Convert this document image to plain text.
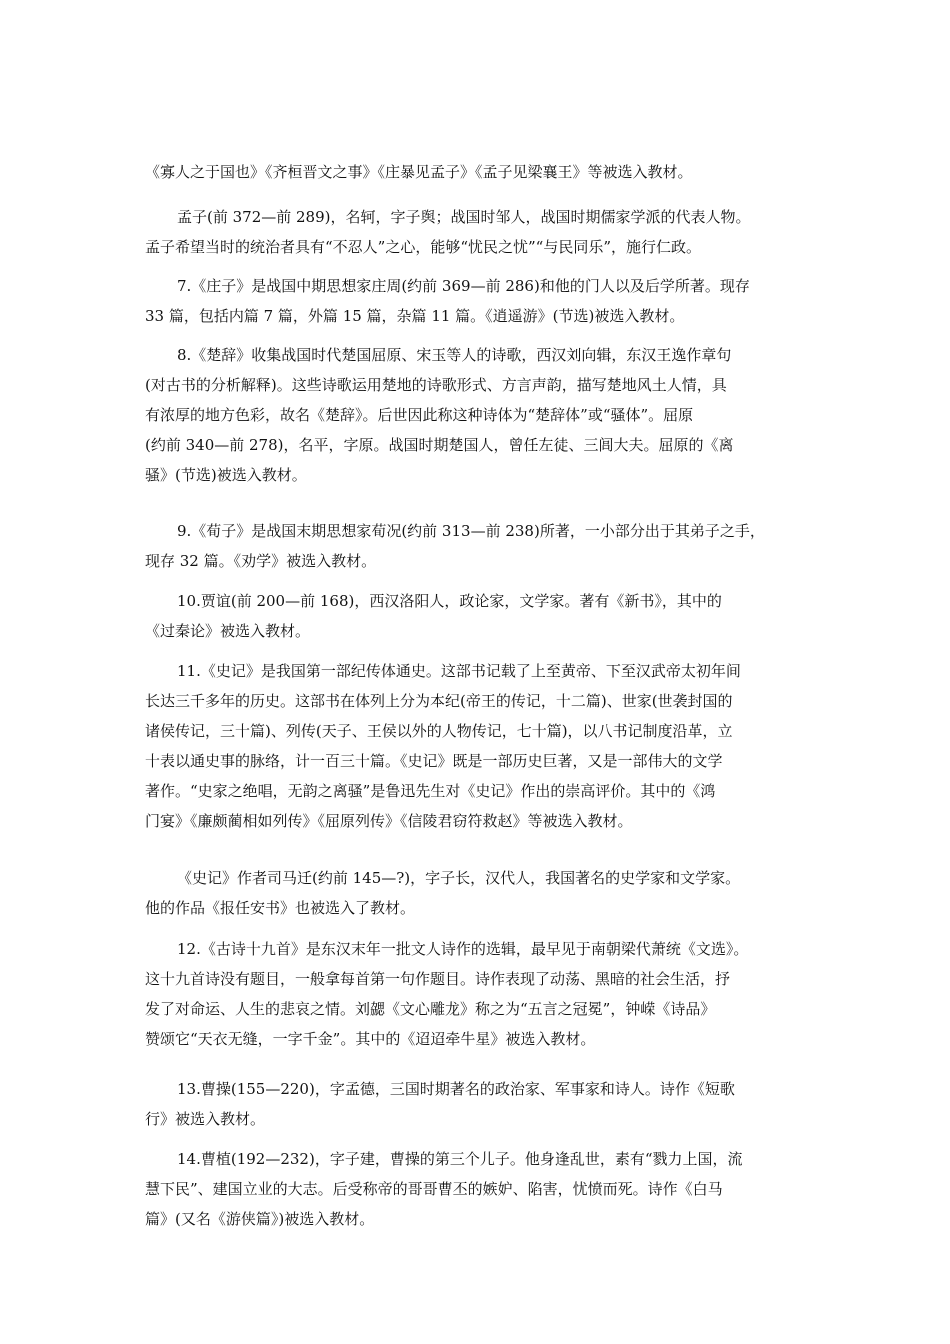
《寡人之于国也》《齐桓晋文之事》《庄暴见孟子》《孟子见梁襄王》等被选入教材。
孟子(前 372—前 289)，名轲，字子舆；战国时邹人，战国时期儒家学派的代表人物。
孟子希望当时的统治者具有“不忍人”之心，能够“忧民之忧”“与民同乐”，施行仁政。
7.《庄子》是战国中期思想家庄周(约前 369—前 286)和他的门人以及后学所著。现存
33 篇，包括内篇 7 篇，外篇 15 篇，杂篇 11 篇。《逍遥游》(节选)被选入教材。
8.《楚辞》收集战国时代楚国屈原、宋玉等人的诗歌，西汉刘向辑，东汉王逸作章句
(对古书的分析解释)。这些诗歌运用楚地的诗歌形式、方言声韵，描写楚地风土人情，具
有浓厚的地方色彩，故名《楚辞》。后世因此称这种诗体为“楚辞体”或“骚体”。屈原
(约前 340—前 278)，名平，字原。战国时期楚国人，曾任左徒、三闾大夫。屈原的《离
骚》(节选)被选入教材。
9.《荀子》是战国末期思想家荀况(约前 313—前 238)所著，一小部分出于其弟子之手，
现存 32 篇。《劝学》被选入教材。
10.贾谊(前 200—前 168)，西汉洛阳人，政论家，文学家。著有《新书》，其中的
《过秦论》被选入教材。
11.《史记》是我国第一部纪传体通史。这部书记载了上至黄帝、下至汉武帝太初年间
长达三千多年的历史。这部书在体列上分为本纪(帝王的传记，十二篇)、世家(世袭封国的
诸侯传记，三十篇)、列传(天子、王侯以外的人物传记，七十篇)，以八书记制度沿革，立
十表以通史事的脉络，计一百三十篇。《史记》既是一部历史巨著，又是一部伟大的文学
著作。“史家之绝唱，无韵之离骚”是鲁迅先生对《史记》作出的崇高评价。其中的《鸿
门宴》《廉颇蔺相如列传》《屈原列传》《信陵君窃符救赵》等被选入教材。
《史记》作者司马迁(约前 145—?)，字子长，汉代人，我国著名的史学家和文学家。
他的作品《报任安书》也被选入了教材。
12.《古诗十九首》是东汉末年一批文人诗作的选辑，最早见于南朝梁代萧统《文选》。
这十九首诗没有题目，一般拿每首第一句作题目。诗作表现了动荡、黑暗的社会生活，抒
发了对命运、人生的悲哀之情。刘勰《文心雕龙》称之为“五言之冠冕”，钟嵘《诗品》
赞颂它“天衣无缝，一字千金”。其中的《迢迢牵牛星》被选入教材。
13.曹操(155—220)，字孟德，三国时期著名的政治家、军事家和诗人。诗作《短歌
行》被选入教材。
14.曹植(192—232)，字子建，曹操的第三个儿子。他身逢乱世，素有“戮力上国，流
慧下民”、建国立业的大志。后受称帝的哥哥曹丕的嫉妒、陷害，忧愤而死。诗作《白马
篇》(又名《游侠篇》)被选入教材。
